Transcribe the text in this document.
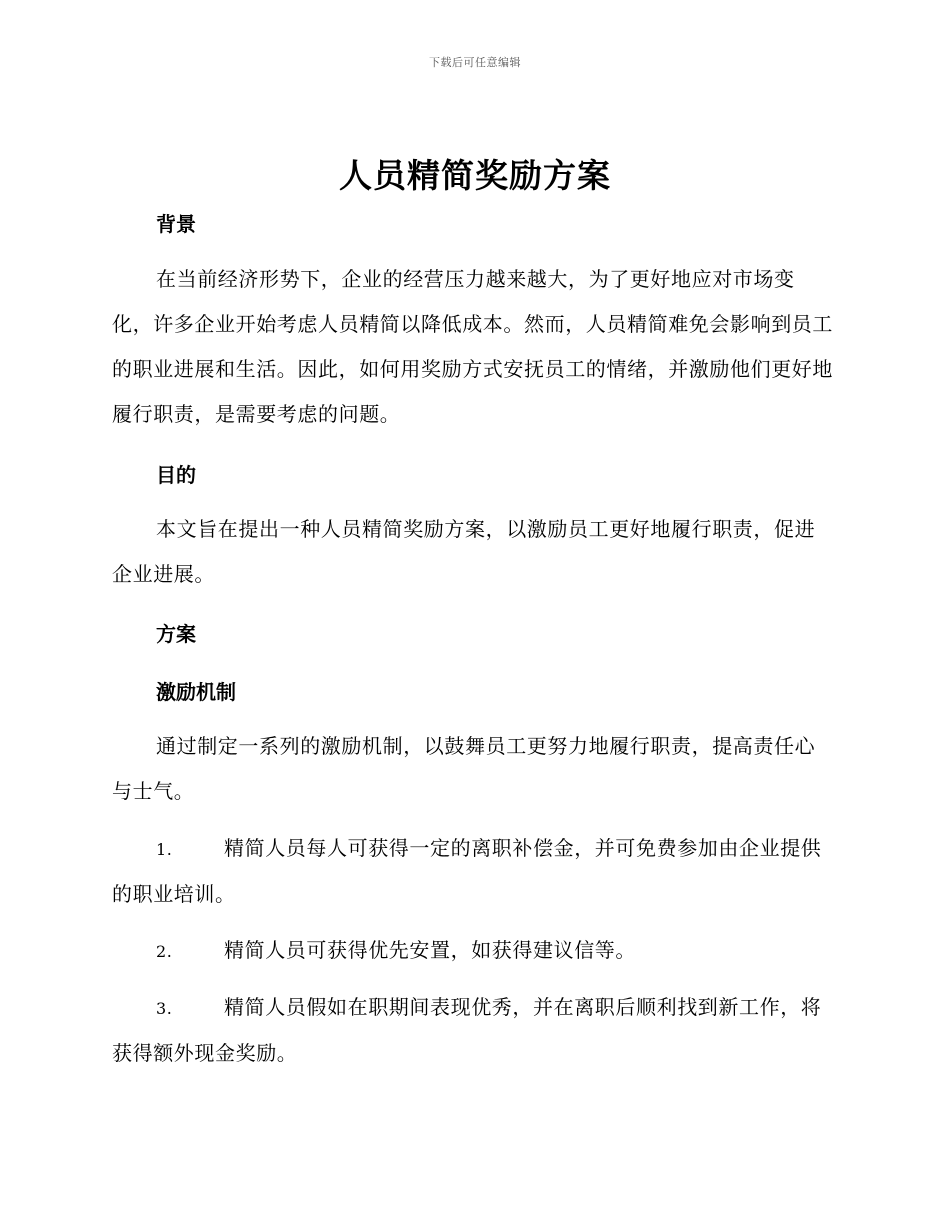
下载后可任意编辑
人员精简奖励方案
背景
在当前经济形势下，企业的经营压力越来越大，为了更好地应对市场变化，许多企业开始考虑人员精简以降低成本。然而，人员精简难免会影响到员工的职业进展和生活。因此，如何用奖励方式安抚员工的情绪，并激励他们更好地履行职责，是需要考虑的问题。
目的
本文旨在提出一种人员精简奖励方案，以激励员工更好地履行职责，促进企业进展。
方案
激励机制
通过制定一系列的激励机制，以鼓舞员工更努力地履行职责，提高责任心与士气。
1.	精简人员每人可获得一定的离职补偿金，并可免费参加由企业提供的职业培训。
2.	精简人员可获得优先安置，如获得建议信等。
3.	精简人员假如在职期间表现优秀，并在离职后顺利找到新工作，将获得额外现金奖励。
